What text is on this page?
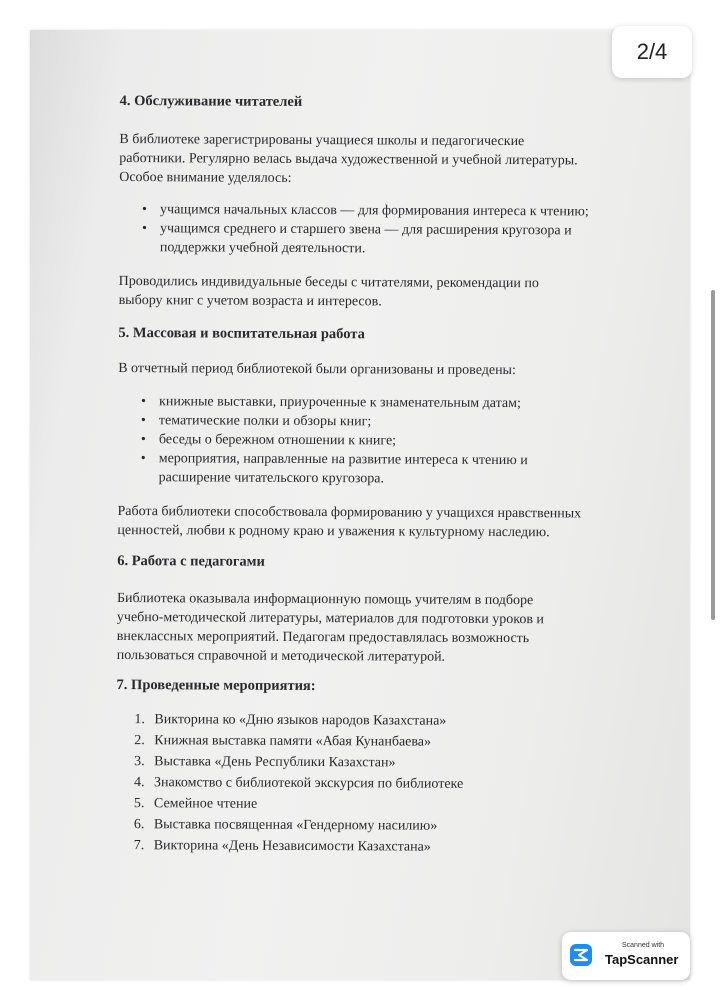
4. Обслуживание читателей
В библиотеке зарегистрированы учащиеся школы и педагогические
работники. Регулярно велась выдача художественной и учебной литературы.
Особое внимание уделялось:
• учащимся начальных классов — для формирования интереса к чтению;
• учащимся среднего и старшего звена — для расширения кругозора и
поддержки учебной деятельности.
Проводились индивидуальные беседы с читателями, рекомендации по
выбору книг с учетом возраста и интересов.
5. Массовая и воспитательная работа
В отчетный период библиотекой были организованы и проведены:
• книжные выставки, приуроченные к знаменательным датам;
• тематические полки и обзоры книг;
• беседы о бережном отношении к книге;
• мероприятия, направленные на развитие интереса к чтению и
расширение читательского кругозора.
Работа библиотеки способствовала формированию у учащихся нравственных
ценностей, любви к родному краю и уважения к культурному наследию.
6. Работа с педагогами
Библиотека оказывала информационную помощь учителям в подборе
учебно-методической литературы, материалов для подготовки уроков и
внеклассных мероприятий. Педагогам предоставлялась возможность
пользоваться справочной и методической литературой.
7. Проведенные мероприятия:
1. Викторина ко «Дню языков народов Казахстана»
2. Книжная выставка памяти «Абая Кунанбаева»
3. Выставка «День Республики Казахстан»
4. Знакомство с библиотекой экскурсия по библиотеке
5. Семейное чтение
6. Выставка посвященная «Гендерному насилию»
7. Викторина «День Независимости Казахстана»
2/4
Scanned with
TapScanner
